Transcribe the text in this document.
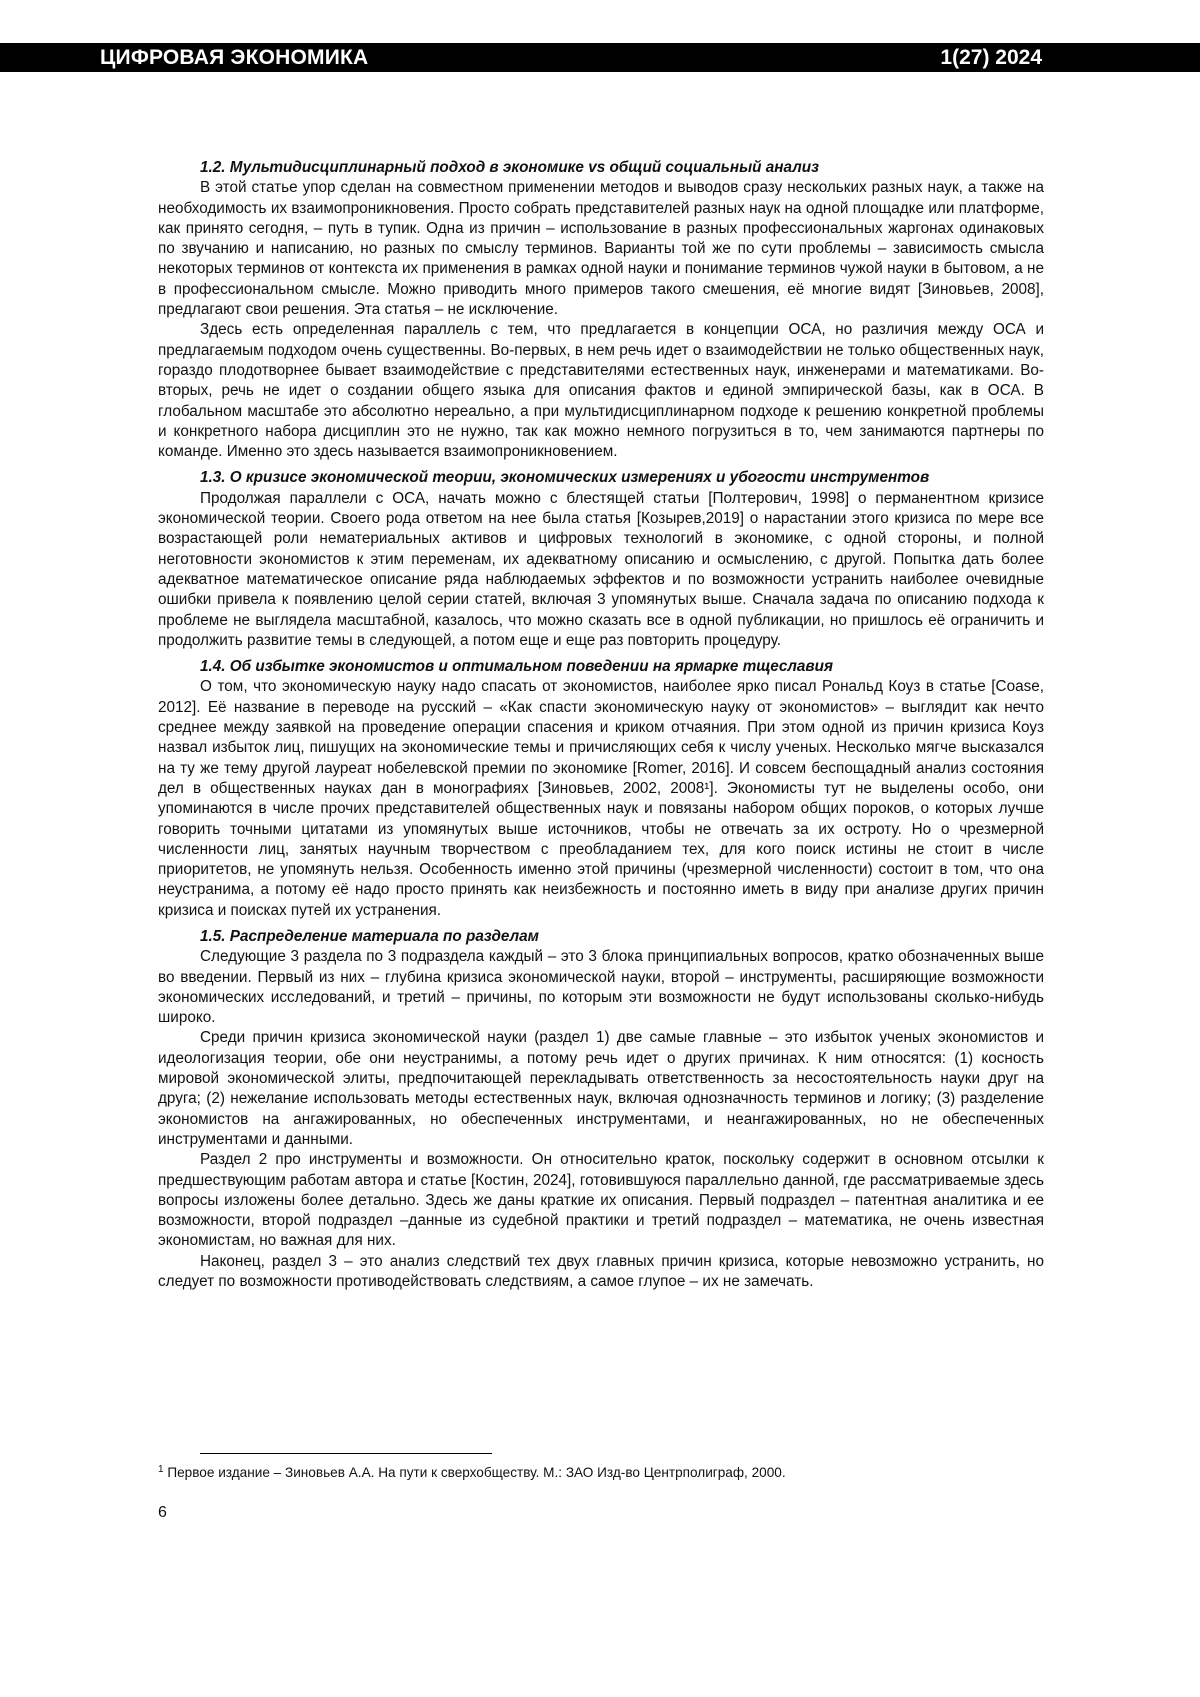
ЦИФРОВАЯ ЭКОНОМИКА	1(27) 2024

1.2. Мультидисциплинарный подход в экономике vs общий социальный анализ

В этой статье упор сделан на совместном применении методов и выводов сразу нескольких разных наук, а также на необходимость их взаимопроникновения. Просто собрать представителей разных наук на одной площадке или платформе, как принято сегодня, – путь в тупик. Одна из причин – использование в разных профессиональных жаргонах одинаковых по звучанию и написанию, но разных по смыслу терминов. Варианты той же по сути проблемы – зависимость смысла некоторых терминов от контекста их применения в рамках одной науки и понимание терминов чужой науки в бытовом, а не в профессиональном смысле. Можно приводить много примеров такого смешения, её многие видят [Зиновьев, 2008], предлагают свои решения. Эта статья – не исключение.

Здесь есть определенная параллель с тем, что предлагается в концепции ОСА, но различия между ОСА и предлагаемым подходом очень существенны. Во-первых, в нем речь идет о взаимодействии не только общественных наук, гораздо плодотворнее бывает взаимодействие с представителями естественных наук, инженерами и математиками. Во-вторых, речь не идет о создании общего языка для описания фактов и единой эмпирической базы, как в ОСА. В глобальном масштабе это абсолютно нереально, а при мультидисциплинарном подходе к решению конкретной проблемы и конкретного набора дисциплин это не нужно, так как можно немного погрузиться в то, чем занимаются партнеры по команде. Именно это здесь называется взаимопроникновением.

1.3. О кризисе экономической теории, экономических измерениях и убогости инструментов

Продолжая параллели с ОСА, начать можно с блестящей статьи [Полтерович, 1998] о перманентном кризисе экономической теории. Своего рода ответом на нее была статья [Козырев,2019] о нарастании этого кризиса по мере все возрастающей роли нематериальных активов и цифровых технологий в экономике, с одной стороны, и полной неготовности экономистов к этим переменам, их адекватному описанию и осмыслению, с другой. Попытка дать более адекватное математическое описание ряда наблюдаемых эффектов и по возможности устранить наиболее очевидные ошибки привела к появлению целой серии статей, включая 3 упомянутых выше. Сначала задача по описанию подхода к проблеме не выглядела масштабной, казалось, что можно сказать все в одной публикации, но пришлось её ограничить и продолжить развитие темы в следующей, а потом еще и еще раз повторить процедуру.

1.4. Об избытке экономистов и оптимальном поведении на ярмарке тщеславия

О том, что экономическую науку надо спасать от экономистов, наиболее ярко писал Рональд Коуз в статье [Coase, 2012]. Её название в переводе на русский – «Как спасти экономическую науку от экономистов» – выглядит как нечто среднее между заявкой на проведение операции спасения и криком отчаяния. При этом одной из причин кризиса Коуз назвал избыток лиц, пишущих на экономические темы и причисляющих себя к числу ученых. Несколько мягче высказался на ту же тему другой лауреат нобелевской премии по экономике [Romer, 2016]. И совсем беспощадный анализ состояния дел в общественных науках дан в монографиях [Зиновьев, 2002, 2008¹]. Экономисты тут не выделены особо, они упоминаются в числе прочих представителей общественных наук и повязаны набором общих пороков, о которых лучше говорить точными цитатами из упомянутых выше источников, чтобы не отвечать за их остроту. Но о чрезмерной численности лиц, занятых научным творчеством с преобладанием тех, для кого поиск истины не стоит в числе приоритетов, не упомянуть нельзя. Особенность именно этой причины (чрезмерной численности) состоит в том, что она неустранима, а потому её надо просто принять как неизбежность и постоянно иметь в виду при анализе других причин кризиса и поисках путей их устранения.

1.5. Распределение материала по разделам

Следующие 3 раздела по 3 подраздела каждый – это 3 блока принципиальных вопросов, кратко обозначенных выше во введении. Первый из них – глубина кризиса экономической науки, второй – инструменты, расширяющие возможности экономических исследований, и третий – причины, по которым эти возможности не будут использованы сколько-нибудь широко.

Среди причин кризиса экономической науки (раздел 1) две самые главные – это избыток ученых экономистов и идеологизация теории, обе они неустранимы, а потому речь идет о других причинах. К ним относятся: (1) косность мировой экономической элиты, предпочитающей перекладывать ответственность за несостоятельность науки друг на друга; (2) нежелание использовать методы естественных наук, включая однозначность терминов и логику; (3) разделение экономистов на ангажированных, но обеспеченных инструментами, и неангажированных, но не обеспеченных инструментами и данными.

Раздел 2 про инструменты и возможности. Он относительно краток, поскольку содержит в основном отсылки к предшествующим работам автора и статье [Костин, 2024], готовившуюся параллельно данной, где рассматриваемые здесь вопросы изложены более детально. Здесь же даны краткие их описания. Первый подраздел – патентная аналитика и ее возможности, второй подраздел –данные из судебной практики и третий подраздел – математика, не очень известная экономистам, но важная для них.

Наконец, раздел 3 – это анализ следствий тех двух главных причин кризиса, которые невозможно устранить, но следует по возможности противодействовать следствиям, а самое глупое – их не замечать.

$^1$ Первое издание – Зиновьев А.А. На пути к сверхобществу. М.: ЗАО Изд-во Центрполиграф, 2000.
6
